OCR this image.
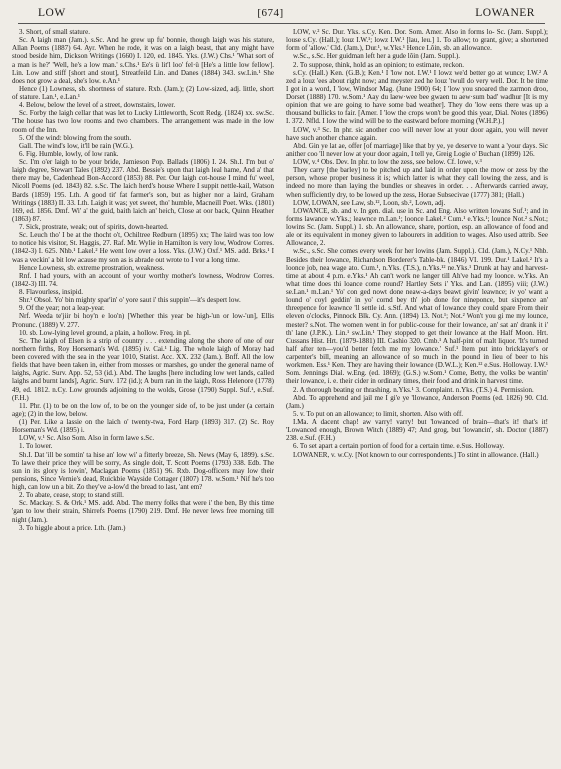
LOW	[674]	LOWANER

3. Short, of small stature.

Sc. A laigh man (Jam.). s.Sc. And he grew up fu' bonnie, though laigh was his stature, Allan Poems (1887) 64. Ayr. When he rode, it was on a laigh beast, that any might have stood beside him, Dickson Writings (1660) I. 120, ed. 1845. Yks. (J.W.) Chs.¹ 'What sort of a man is he?' 'Well, he's a low man.' s.Chs.¹ Ee's ü lit'l loo' fel·ü [He's a little low fellow]. Lin. Low and stiff [short and stout], Streatfeild Lin. and Danes (1884) 343. sw.Lin.¹ She does not grow a deal, she's low. e.An.¹

Hence (1) Lowness, sb. shortness of stature. Rxb. (Jam.); (2) Low-sized, adj. little, short of stature. Lan.¹, e.Lan.¹

4. Below, below the level of a street, downstairs, lower.

Sc. Forby the laigh cellar that was let to Lucky Littleworth, Scott Redg. (1824) xx. sw.Sc. 'The house has two low rooms and two chambers. The arrangement was made in the low room of the Inn.

5. Of the wind: blowing from the south.

Gall. The wind's low, it'll be rain (W.G.).

6. Fig. Humble, lowly, of low rank.

Sc. I'm o'er laigh to be your bride, Jamieson Pop. Ballads (1806) I. 24. Sh.I. I'm but o' laigh degree, Stewart Tales (1892) 237. Abd. Bessie's upon that laigh leal hame, And a' that there may be, Cadenhead Bon-Accord (1853) 88. Per. Our laigh cot-house I mind fu' weel, Nicoll Poems (ed. 1843) 82. s.Sc. The laich herd's house Where I suppit nettle-kail, Watson Bards (1859) 195. Lth. A good tit' fat farmer's son, but as higher nor a laird, Graham Writings (1883) II. 33. Lth. Laigh it was; yet sweet, tho' humble, Macneill Poet. Wks. (1801) 169, ed. 1856. Dmf. Wi' a' the guid, baith laich an' heich, Close at oor back, Quinn Heather (1863) 87.

7. Sick, prostrate, weak; out of spirits, down-hearted.

Sc. Leuch tho' I be at the thocht o't, Ochiltree Redburn (1895) xx; The laird was too low to notice his visitor, St. Haggis, 27. Raf. Mr. Wylie in Hamilton is very low, Wodrow Corres. (1842-3) I. 625. Nhb.¹ Lakel.² He went low over a loss. Yks. (J.W.) Oxf.¹ MS. add. Brks.¹ I was a veckin' a bit low acause my son as is abrade out wrote to I vor a long time.

Hence Lowness, sb. extreme prostration, weakness.

Rnf. I had yours, with an account of your worthy mother's lowness, Wodrow Corres. (1842-3) III. 74.

8. Flavourless, insipid.

Shr.¹ Obsol. Yo' bin mighty spar'in' o' yore saut i' this suppin'—it's despert low.

9. Of the year; not a leap-year.

Nrf. Weeda te'jiir bi hoy'n e loo'n) [Whether this year be high-'un or low-'un], Ellis Pronunc. (1889) V. 277.

10. sb. Low-lying level ground, a plain, a hollow. Freq. in pl.

Sc. The laigh of Elsen is a strip of country . . . extending along the shore of one of our northern firths, Roy Horseman's Wd. (1895) iv. Cai.¹ Lig. The whole laigh of Moray had been covered with the sea in the year 1010, Statist. Acc. XX. 232 (Jam.). Bnff. All the low fields that have been taken in, either from mosses or marshes, go under the general name of laighs, Agric. Surv. App. 52, 53 (id.). Abd. The laughs [here including low wet lands, called laighs and burnt lands], Agric. Surv. 172 (id.); A burn ran in the laigh, Ross Helenore (1778) 49, ed. 1812. n.Cy. Low grounds adjoining to the wolds, Grose (1790) Suppl. Suf.¹, e.Suf. (F.H.)

11. Phr. (1) to be on the low of, to be on the younger side of, to be just under (a certain age); (2) in the low, below.

(1) Per. Like a lassie on the laich o' twenty-twa, Ford Harp (1893) 317. (2) Sc. Roy Horseman's Wd. (1895) i.

LOW, v.¹ Sc. Also Som. Also in form lawe s.Sc.

1. To lower.

Sh.I. Dat 'ill be somtin' ta hise an' low wi' a fitterly breeze, Sh. News (May 6, 1899). s.Sc. To lawe their price they will be sorry, As single doit, T. Scott Poems (1793) 338. Edb. The sun in its glory is lowin', Maclagan Poems (1851) 96. Rxb. Dog-officers may low their pensions, Since Vernie's dead, Ruickbie Wayside Cottager (1807) 178. w.Som.¹ Nif he's too high, can low un a bit. Zo they've a-low'd the bread to last, 'ant em?

2. To abate, cease, stop; to stand still.

Sc. Mackay. S. & Ork.¹ MS. add. Abd. The merry folks that were i' the ben, By this time 'gan to low their strain, Shirrefs Poems (1790) 219. Dmf. He never lews free morning till night (Jam.).

3. To higgle about a price. Lth. (Jam.)

LOW, v.² Sc. Dur. Yks. s.Cy. Ken. Dor. Som. Amer. Also in forms lo- Sc. (Jam. Suppl.); louse s.Cy. (Hall.); louz I.W.¹; lowz I.W.¹ [lau, leu.] 1. To allow; to grant, give; a shortened form of 'allow.' Cld. (Jam.), Dur.¹, w.Yks.¹ Hence Lôin, sb. an allowance.

w.Sc., s.Sc. Her guidman left her a gude lôin (Jam. Suppl.).

2. To suppose, think, hold as an opinion; to estimate, reckon.

s.Cy. (Hall.) Ken. (G.B.); Ken.¹ I 'low not. I.W.¹ I lowz we'd better go at wunce; I.W.² A zed a louz 'ees about right now; and meyster zed he louz 'twull do very well. Dor. It be time I got in a word, I 'low, Windsor Mag. (June 1900) 64; I 'low you snoared the zarmon droo, Dorset (1888) 170. w.Som.¹ Aay du laew·wee bee gwaen tu aew·sum bad' wadhur [It is my opinion that we are going to have some bad weather]. They do 'low eens there was up a thousand bullicks to fair. [Amer. I 'low the crops won't be good this year, Dial. Notes (1896) I. 372. Nfld. I low the wind will be to the eastward before morning (W.H.P.).]

LOW, v.³ Sc. In phr. sic another coo will never low at your door again, you will never have such another chance again.

Abd. Gin ye lat ae, offer [of marriage] like that by ye, ye deserve to want a 'your days. Sic anither coo 'll never low at your door again, I tell ye, Greig Logie o' Buchan (1899) 126.

LOW, v.⁴ Obs. Dev. In phr. to low the zess, see below. Cf. lowe, v.³

They carry [the barley] to be pitched up and laid in order upon the mow or zess by the person, whose proper business it is; which latter is what they call lowing the zess, and is indeed no more than laying the bundles or sheaves in order. . . Afterwards carried away, when sufficiently dry, to be lowed up the zess, Horae Subsecivae (1777) 381; (Hall.)

LOW, LOWAN, see Law, sb.¹², Loon, sb.², Lown, adj.

LOWANCE, sb. and v. In gen. dial. use in Sc. and Eng. Also written lowans Suf.¹; and in forms lawance w.Yks.; leawnce m.Lan.¹; loonce Lakel.² Cum.¹ e.Yks.¹; lounce Not.² s.Not.; lowins Sc. (Jam. Suppl.) 1. sb. An allowance, share, portion, esp. an allowance of food and ale or its equivalent in money given to labourers in addition to wages. Also used attrib. See Allowance, 2.

w.Sc., s.Sc. She comes every week for her lowins (Jam. Suppl.). Cld. (Jam.), N.Cy.¹ Nhb. Besides their lowance, Richardson Borderer's Table-bk. (1846) VI. 199. Dur.¹ Lakel.² It's a loonce job, nea wage ato. Cum.¹, n.Yks. (T.S.), n.Yks.¹² ne.Yks.¹ Drunk at hay and harvest-time at about 4 p.m. e.Yks.¹ Ah can't work ne langer till Ah've had my loonce. w.Yks. An what time does thi loance come round? Hartley Sets i' Yks. and Lan. (1895) viii; (J.W.) se.Lan.¹ m.Lan.¹ Yo' con ged nowt done neaw-a-days beawt givin' leawnce; iv yo' want a lound o' coyl geddin' in yo' cornd bey th' job done for nineponce, but sixpence an' threepence for leawnce 'll settle id. s.Stf. And what of lowance they could spare From their eleven o'clocks, Pinnock Blk. Cy. Ann. (1894) 13. Not.¹; Not.² Won't you gi me my lounce, mester? s.Not. The women went in for public-couse for their lowance, an' sat an' drank it i' th' lane (J.P.K.). Lin.¹ sw.Lin.¹ They stopped to get their lowance at the Half Moon. Hrt. Cussans Hist. Hrt. (1879-1881) III. Cashio 320. Cmb.¹ A half-pint of malt liquor. 'It's turned half after ten—you'd better fetch me my lowance.' Suf.¹ Item put into bricklayer's or carpenter's bill, meaning an allowance of so much in the pound in lieu of beer to his workmen. Ess.¹ Ken. They are having their lowance (D.W.L.); Ken.¹² e.Sus. Holloway. I.W.¹ Som. Jennings Dial. w.Eng. (ed. 1869); (G.S.) w.Som.¹ Come, Betty, the volks be wantin' their lowance, i. e. their cider in ordinary times, their food and drink in harvest time.

2. A thorough beating or thrashing. n.Yks.¹ 3. Complaint. n.Yks. (T.S.) 4. Permission.

Abd. To apprehend and jail me I gi'e ye 'llowance, Anderson Poems (ed. 1826) 90. Cld. (Jam.)

5. v. To put on an allowance; to limit, shorten. Also with off.

I.Ma. A dacent chap! aw varry! varry! but 'lowanced of brain—that's it! that's it! 'Lowanced enough, Brown Witch (1889) 47; And grog, but 'lowancin', sh. Doctor (1887) 238. e.Suf. (F.H.)

6. To set apart a certain portion of food for a certain time. e.Sus. Holloway.

LOWANER, v. w.Cy. [Not known to our correspondents.] To stint in allowance. (Hall.)
